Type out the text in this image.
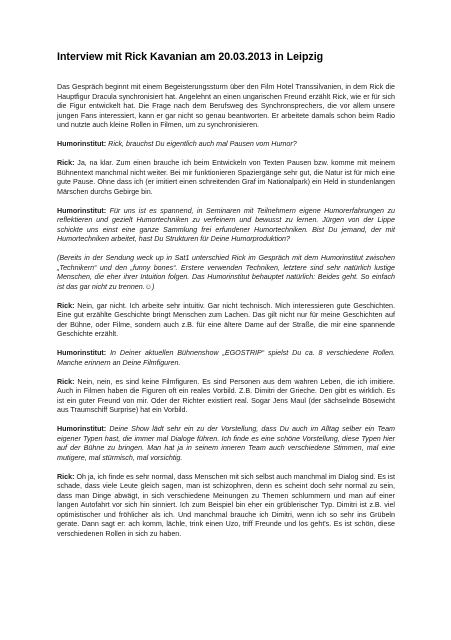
Interview mit Rick Kavanian am 20.03.2013 in Leipzig

Das Gespräch beginnt mit einem Begeisterungssturm über den Film Hotel Transsilvanien, in dem Rick die Hauptfigur Dracula synchronisiert hat. Angelehnt an einen ungarischen Freund erzählt Rick, wie er für sich die Figur entwickelt hat. Die Frage nach dem Berufsweg des Synchronsprechers, die vor allem unsere jungen Fans interessiert, kann er gar nicht so genau beantworten. Er arbeitete damals schon beim Radio und nutzte auch kleine Rollen in Filmen, um zu synchronisieren.

Humorinstitut: Rick, brauchst Du eigentlich auch mal Pausen vom Humor?

Rick: Ja, na klar. Zum einen brauche ich beim Entwickeln von Texten Pausen bzw. komme mit meinem Bühnentext manchmal nicht weiter. Bei mir funktionieren Spaziergänge sehr gut, die Natur ist für mich eine gute Pause. Ohne dass ich (er imitiert einen schreitenden Graf im Nationalpark) ein Held in stundenlangen Märschen durchs Gebirge bin.

Humorinstitut: Für uns ist es spannend, in Seminaren mit Teilnehmern eigene Humorerfahrungen zu reflektieren und gezielt Humortechniken zu verfeinern und bewusst zu lernen. Jürgen von der Lippe schickte uns einst eine ganze Sammlung frei erfundener Humortechniken. Bist Du jemand, der mit Humortechniken arbeitet, hast Du Strukturen für Deine Humorproduktion?

(Bereits in der Sendung weck up in Sat1 unterschied Rick im Gespräch mit dem Humorinstitut zwischen „Technikern“ und den „funny bones“. Erstere verwenden Techniken, letztere sind sehr natürlich lustige Menschen, die eher ihrer Intuition folgen. Das Humorinstitut behauptet natürlich: Beides geht. So einfach ist das gar nicht zu trennen.☺)

Rick: Nein, gar nicht. Ich arbeite sehr intuitiv. Gar nicht technisch. Mich interessieren gute Geschichten. Eine gut erzählte Geschichte bringt Menschen zum Lachen. Das gilt nicht nur für meine Geschichten auf der Bühne, oder Filme, sondern auch z.B. für eine ältere Dame auf der Straße, die mir eine spannende Geschichte erzählt.

Humorinstitut: In Deiner aktuellen Bühnenshow „EGOSTRIP“ spielst Du ca. 8 verschiedene Rollen. Manche erinnern an Deine Filmfiguren.

Rick: Nein, nein, es sind keine Filmfiguren. Es sind Personen aus dem wahren Leben, die ich imitiere. Auch in Filmen haben die Figuren oft ein reales Vorbild. Z.B. Dimitri der Grieche. Den gibt es wirklich. Es ist ein guter Freund von mir. Oder der Richter existiert real. Sogar Jens Maul (der sächselnde Bösewicht aus Traumschiff Surprise) hat ein Vorbild.

Humorinstitut: Deine Show lädt sehr ein zu der Vorstellung, dass Du auch im Alltag selber ein Team eigener Typen hast, die immer mal Dialoge führen. Ich finde es eine schöne Vorstellung, diese Typen hier auf der Bühne zu bringen. Man hat ja in seinem inneren Team auch verschiedene Stimmen, mal eine mutigere, mal stürmisch, mal vorsichtig.

Rick: Oh ja, ich finde es sehr normal, dass Menschen mit sich selbst auch manchmal im Dialog sind. Es ist schade, dass viele Leute gleich sagen, man ist schizophren, denn es scheint doch sehr normal zu sein, dass man Dinge abwägt, in sich verschiedene Meinungen zu Themen schlummern und man auf einer langen Autofahrt vor sich hin sinniert. Ich zum Beispiel bin eher ein grüblerischer Typ. Dimitri ist z.B. viel optimistischer und fröhlicher als ich. Und manchmal brauche ich Dimitri, wenn ich so sehr ins Grübeln gerate. Dann sagt er: ach komm, lächle, trink einen Uzo, triff Freunde und los geht's. Es ist schön, diese verschiedenen Rollen in sich zu haben.
